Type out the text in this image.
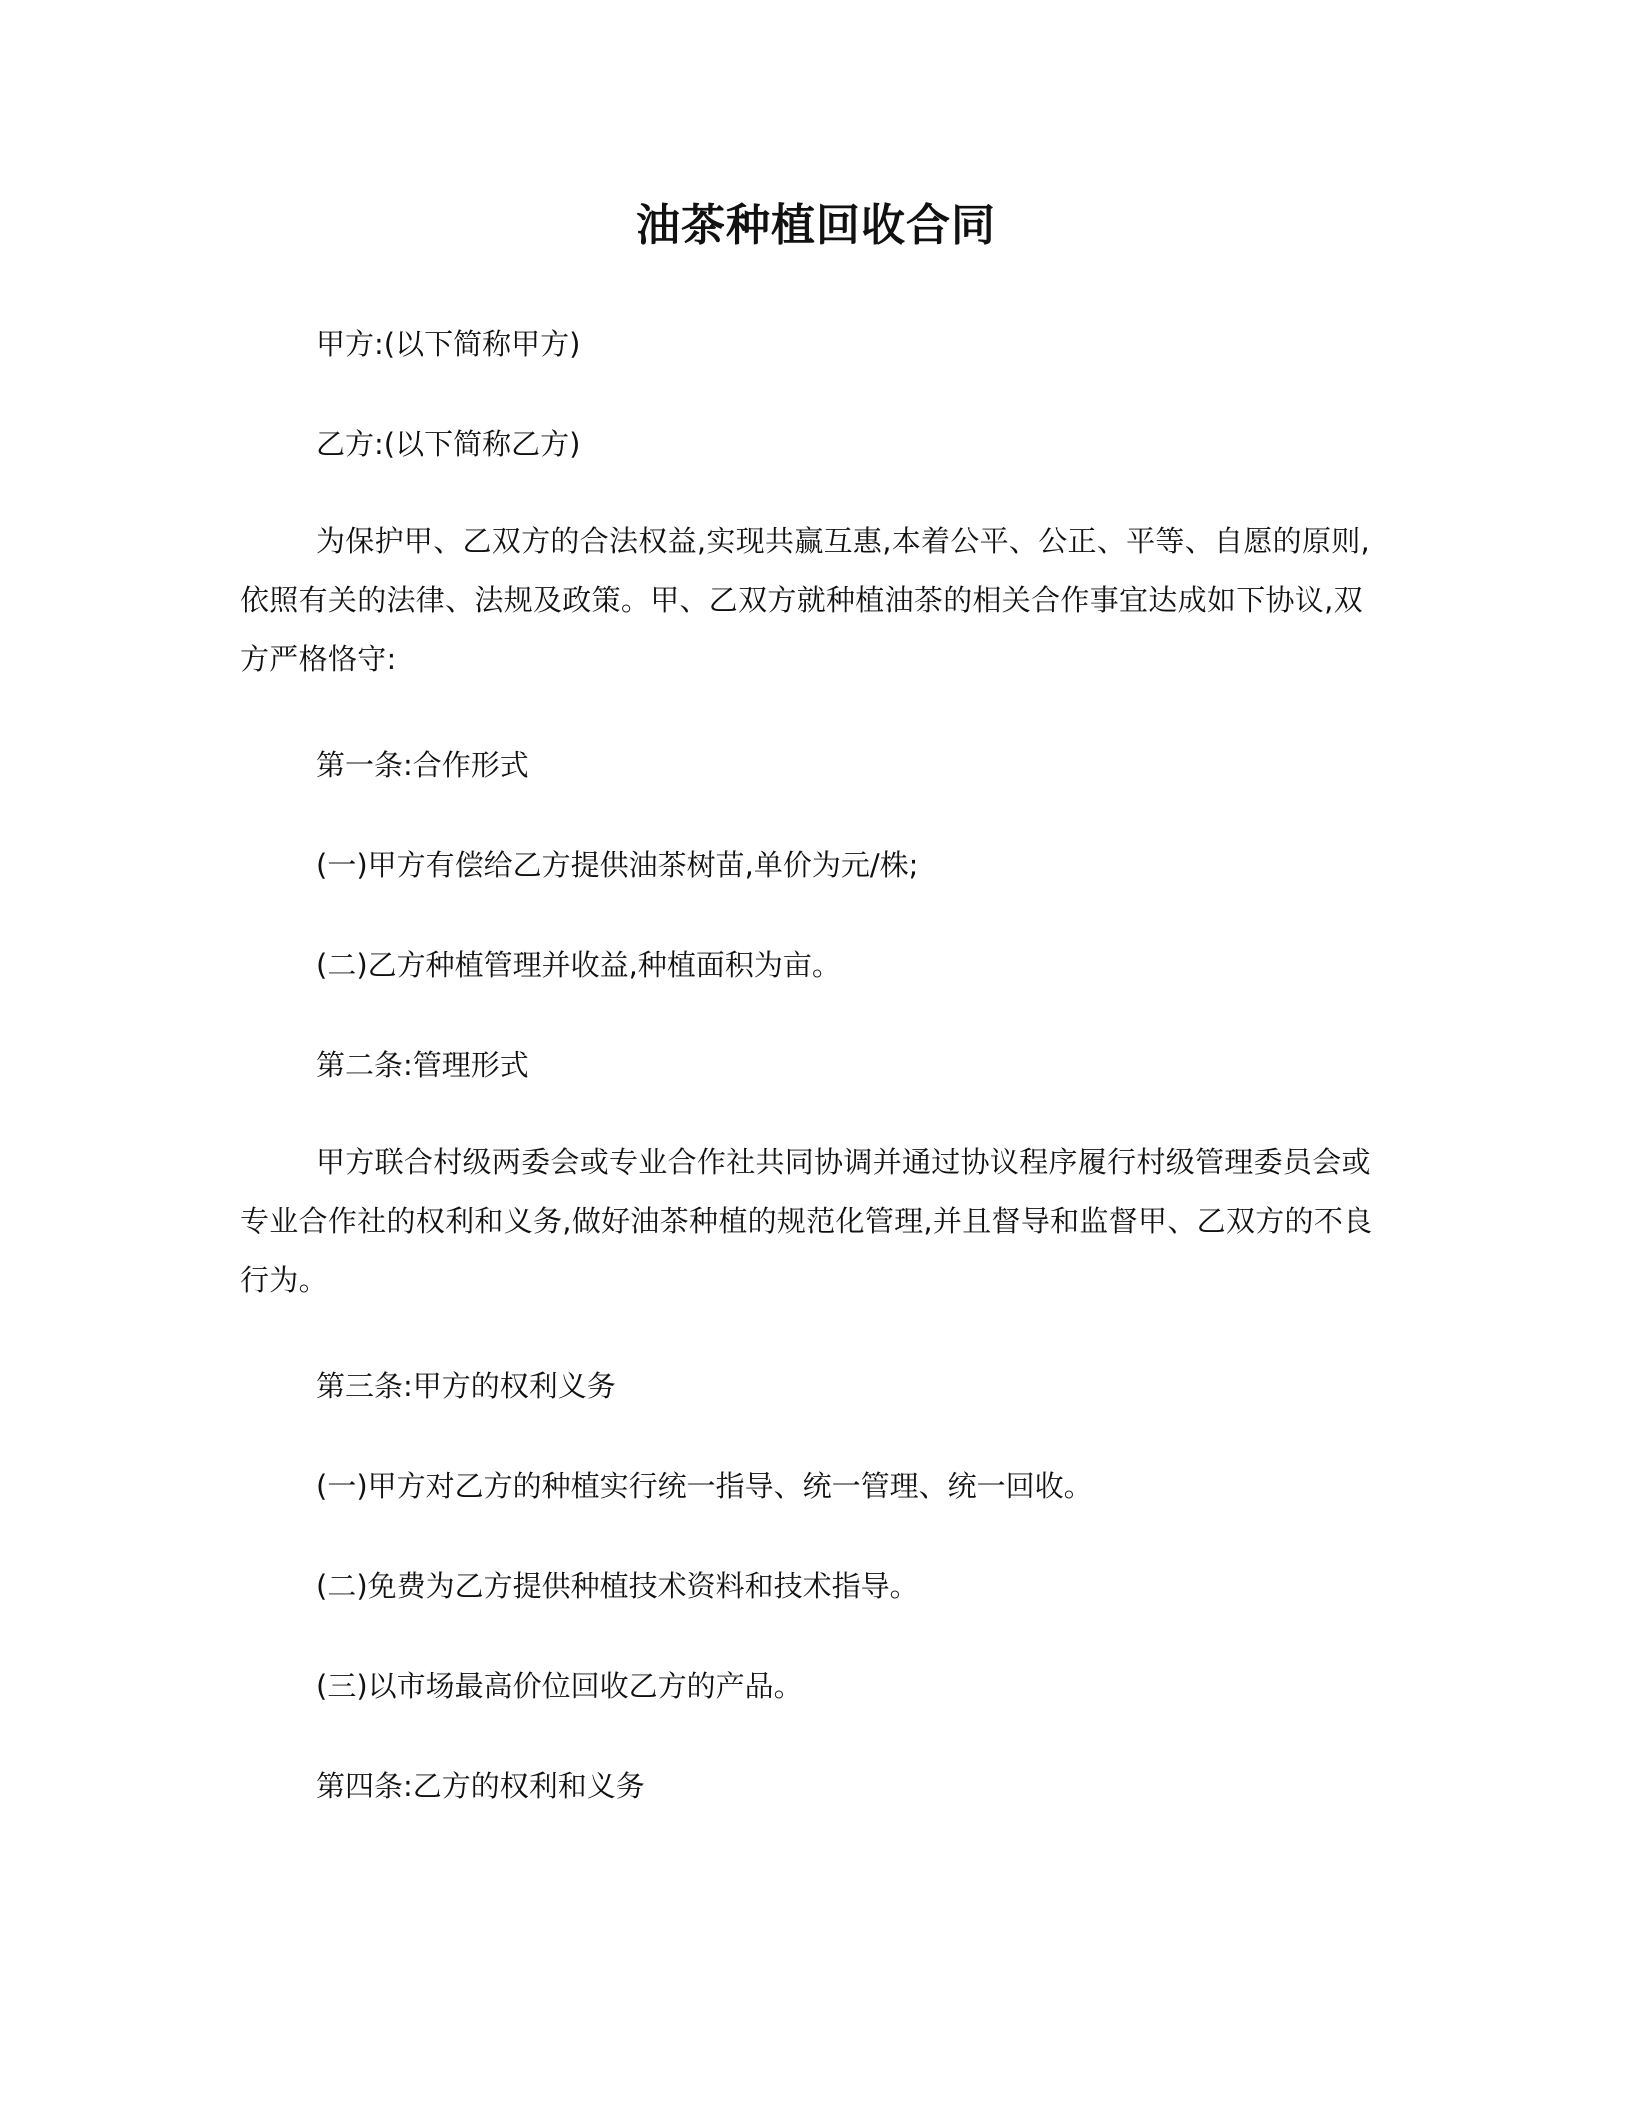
油茶种植回收合同
甲方:(以下简称甲方)
乙方:(以下简称乙方)
为保护甲、乙双方的合法权益,实现共赢互惠,本着公平、公正、平等、自愿的原则,依照有关的法律、法规及政策。甲、乙双方就种植油茶的相关合作事宜达成如下协议,双方严格恪守:
第一条:合作形式
(一)甲方有偿给乙方提供油茶树苗,单价为元/株;
(二)乙方种植管理并收益,种植面积为亩。
第二条:管理形式
甲方联合村级两委会或专业合作社共同协调并通过协议程序履行村级管理委员会或专业合作社的权利和义务,做好油茶种植的规范化管理,并且督导和监督甲、乙双方的不良行为。
第三条:甲方的权利义务
(一)甲方对乙方的种植实行统一指导、统一管理、统一回收。
(二)免费为乙方提供种植技术资料和技术指导。
(三)以市场最高价位回收乙方的产品。
第四条:乙方的权利和义务
